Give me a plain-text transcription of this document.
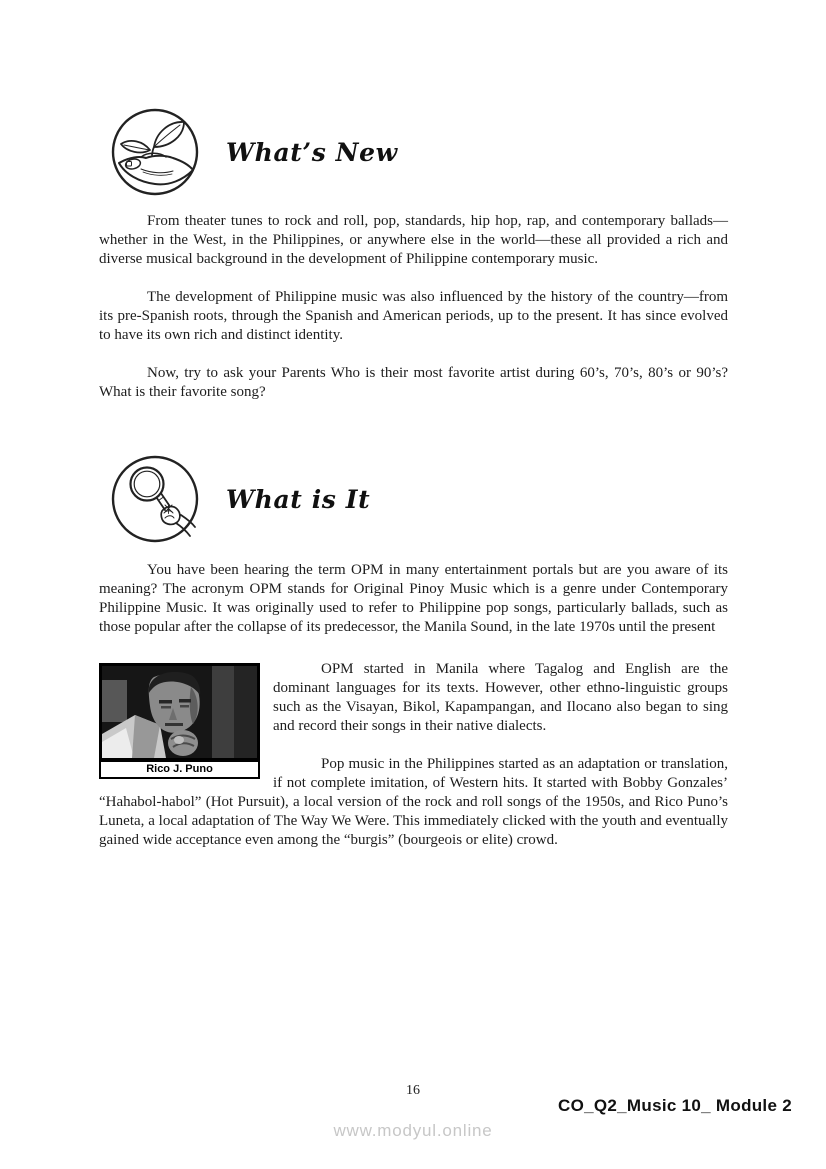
What’s New

From theater tunes to rock and roll, pop, standards, hip hop, rap, and contemporary ballads—whether in the West, in the Philippines, or anywhere else in the world—these all provided a rich and diverse musical background in the development of Philippine contemporary music.

The development of Philippine music was also influenced by the history of the country—from its pre-Spanish roots, through the Spanish and American periods, up to the present. It has since evolved to have its own rich and distinct identity.

Now, try to ask your Parents Who is their most favorite artist during 60’s, 70’s, 80’s or 90’s? What is their favorite song?

What is It

You have been hearing the term OPM in many entertainment portals but are you aware of its meaning? The acronym OPM stands for Original Pinoy Music which is a genre under Contemporary Philippine Music. It was originally used to refer to Philippine pop songs, particularly ballads, such as those popular after the collapse of its predecessor, the Manila Sound, in the late 1970s until the present

Rico J. Puno

OPM started in Manila where Tagalog and English are the dominant languages for its texts. However, other ethno-linguistic groups such as the Visayan, Bikol, Kapampangan, and Ilocano also began to sing and record their songs in their native dialects.

Pop music in the Philippines started as an adaptation or translation, if not complete imitation, of Western hits. It started with Bobby Gonzales’ “Hahabol-habol” (Hot Pursuit), a local version of the rock and roll songs of the 1950s, and Rico Puno’s Luneta, a local adaptation of The Way We Were. This immediately clicked with the youth and eventually gained wide acceptance even among the “burgis” (bourgeois or elite) crowd.

16
CO_Q2_Music 10_ Module 2
www.modyul.online
